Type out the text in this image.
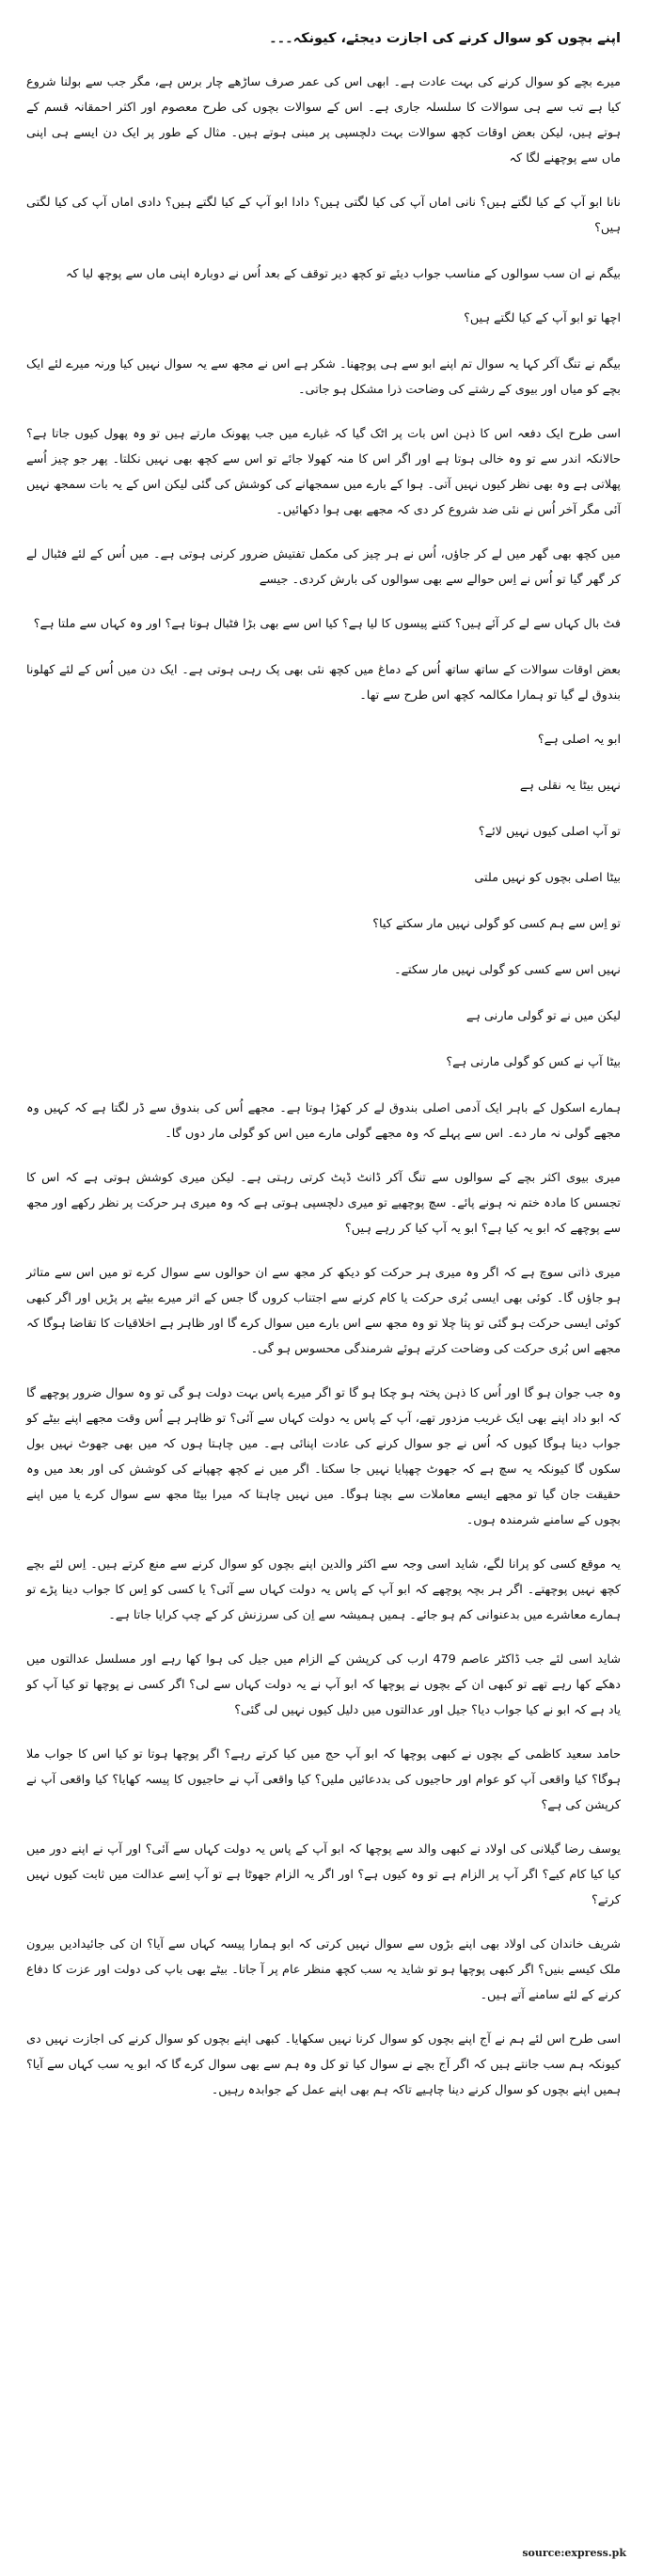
اپنے بچوں کو سوال کرنے کی اجازت دیجئے، کیونکہ۔۔۔

میرے بچے کو سوال کرنے کی بہت عادت ہے۔ ابھی اس کی عمر صرف ساڑھے چار برس ہے، مگر جب سے بولنا شروع کیا ہے تب سے ہی سوالات کا سلسلہ جاری ہے۔ اس کے سوالات بچوں کی طرح معصوم اور اکثر احمقانہ قسم کے ہوتے ہیں، لیکن بعض اوقات کچھ سوالات بہت دلچسپی پر مبنی ہوتے ہیں۔ مثال کے طور پر ایک دن ایسے ہی اپنی ماں سے پوچھنے لگا کہ

نانا ابو آپ کے کیا لگتے ہیں؟ نانی اماں آپ کی کیا لگتی ہیں؟ دادا ابو آپ کے کیا لگتے ہیں؟ دادی اماں آپ کی کیا لگتی ہیں؟

بیگم نے ان سب سوالوں کے مناسب جواب دیئے تو کچھ دیر توقف کے بعد اُس نے دوبارہ اپنی ماں سے پوچھ لیا کہ

اچھا تو ابو آپ کے کیا لگتے ہیں؟

بیگم نے تنگ آکر کہا یہ سوال تم اپنے ابو سے ہی پوچھنا۔ شکر ہے اس نے مجھ سے یہ سوال نہیں کیا ورنہ میرے لئے ایک بچے کو میاں اور بیوی کے رشتے کی وضاحت ذرا مشکل ہو جاتی۔

اسی طرح ایک دفعہ اس کا ذہن اس بات پر اٹک گیا کہ غبارے میں جب پھونک مارتے ہیں تو وہ پھول کیوں جاتا ہے؟ حالانکہ اندر سے تو وہ خالی ہوتا ہے اور اگر اس کا منہ کھولا جائے تو اس سے کچھ بھی نہیں نکلتا۔ پھر جو چیز اُسے پھلاتی ہے وہ بھی نظر کیوں نہیں آتی۔ ہوا کے بارے میں سمجھانے کی کوشش کی گئی لیکن اس کے یہ بات سمجھ نہیں آئی مگر آخر اُس نے نئی ضد شروع کر دی کہ مجھے بھی ہوا دکھائیں۔

میں کچھ بھی گھر میں لے کر جاؤں، اُس نے ہر چیز کی مکمل تفتیش ضرور کرنی ہوتی ہے۔ میں اُس کے لئے فٹبال لے کر گھر گیا تو اُس نے اِس حوالے سے بھی سوالوں کی بارش کردی۔ جیسے

فٹ بال کہاں سے لے کر آئے ہیں؟ کتنے پیسوں کا لیا ہے؟ کیا اس سے بھی بڑا فٹبال ہوتا ہے؟ اور وہ کہاں سے ملتا ہے؟

بعض اوقات سوالات کے ساتھ ساتھ اُس کے دماغ میں کچھ نئی بھی پک رہی ہوتی ہے۔ ایک دن میں اُس کے لئے کھلونا بندوق لے گیا تو ہمارا مکالمہ کچھ اس طرح سے تھا۔

ابو یہ اصلی ہے؟

نہیں بیٹا یہ نقلی ہے

تو آپ اصلی کیوں نہیں لائے؟

بیٹا اصلی بچوں کو نہیں ملتی

تو اِس سے ہم کسی کو گولی نہیں مار سکتے کیا؟

نہیں اس سے کسی کو گولی نہیں مار سکتے۔

لیکن میں نے تو گولی مارنی ہے

بیٹا آپ نے کس کو گولی مارنی ہے؟

ہمارے اسکول کے باہر ایک آدمی اصلی بندوق لے کر کھڑا ہوتا ہے۔ مجھے اُس کی بندوق سے ڈر لگتا ہے کہ کہیں وہ مجھے گولی نہ مار دے۔ اس سے پہلے کہ وہ مجھے گولی مارے میں اس کو گولی مار دوں گا۔

میری بیوی اکثر بچے کے سوالوں سے تنگ آکر ڈانٹ ڈپٹ کرتی رہتی ہے۔ لیکن میری کوشش ہوتی ہے کہ اس کا تجسس کا مادہ ختم نہ ہونے پائے۔ سچ پوچھیے تو میری دلچسپی ہوتی ہے کہ وہ میری ہر حرکت پر نظر رکھے اور مجھ سے پوچھے کہ ابو یہ کیا ہے؟ ابو یہ آپ کیا کر رہے ہیں؟

میری ذاتی سوچ ہے کہ اگر وہ میری ہر حرکت کو دیکھ کر مجھ سے ان حوالوں سے سوال کرے تو میں اس سے متاثر ہو جاؤں گا۔ کوئی بھی ایسی بُری حرکت یا کام کرنے سے اجتناب کروں گا جس کے اثر میرے بیٹے پر پڑیں اور اگر کبھی کوئی ایسی حرکت ہو گئی تو پتا چلا تو وہ مجھ سے اس بارے میں سوال کرے گا اور ظاہر ہے اخلاقیات کا تقاضا ہوگا کہ مجھے اس بُری حرکت کی وضاحت کرتے ہوئے شرمندگی محسوس ہو گی۔

وہ جب جوان ہو گا اور اُس کا ذہن پختہ ہو چکا ہو گا تو اگر میرے پاس بہت دولت ہو گی تو وہ سوال ضرور پوچھے گا کہ ابو داد اپنے بھی ایک غریب مزدور تھے، آپ کے پاس یہ دولت کہاں سے آئی؟ تو ظاہر ہے اُس وقت مجھے اپنے بیٹے کو جواب دینا ہوگا کیوں کہ اُس نے جو سوال کرنے کی عادت اپنائی ہے۔ میں چاہتا ہوں کہ میں بھی جھوٹ نہیں بول سکوں گا کیونکہ یہ سچ ہے کہ جھوٹ چھپایا نہیں جا سکتا۔ اگر میں نے کچھ چھپانے کی کوشش کی اور بعد میں وہ حقیقت جان گیا تو مجھے ایسے معاملات سے بچنا ہوگا۔ میں نہیں چاہتا کہ میرا بیٹا مجھ سے سوال کرے یا میں اپنے بچوں کے سامنے شرمندہ ہوں۔

یہ موقع کسی کو پرانا لگے، شاید اسی وجہ سے اکثر والدین اپنے بچوں کو سوال کرنے سے منع کرتے ہیں۔ اِس لئے بچے کچھ نہیں پوچھتے۔ اگر ہر بچہ پوچھے کہ ابو آپ کے پاس یہ دولت کہاں سے آئی؟ یا کسی کو اِس کا جواب دینا پڑے تو ہمارے معاشرے میں بدعنوانی کم ہو جائے۔ ہمیں ہمیشہ سے اِن کی سرزنش کر کے چپ کرایا جاتا ہے۔

شاید اسی لئے جب ڈاکٹر عاصم 479 ارب کی کرپشن کے الزام میں جیل کی ہوا کھا رہے اور مسلسل عدالتوں میں دھکے کھا رہے تھے تو کبھی ان کے بچوں نے پوچھا کہ ابو آپ نے یہ دولت کہاں سے لی؟ اگر کسی نے پوچھا تو کیا آپ کو یاد ہے کہ ابو نے کیا جواب دیا؟ جیل اور عدالتوں میں دلیل کیوں نہیں لی گئی؟

حامد سعید کاظمی کے بچوں نے کبھی پوچھا کہ ابو آپ حج میں کیا کرتے رہے؟ اگر پوچھا ہوتا تو کیا اس کا جواب ملا ہوگا؟ کیا واقعی آپ کو عوام اور حاجیوں کی بددعائیں ملیں؟ کیا واقعی آپ نے حاجیوں کا پیسہ کھایا؟ کیا واقعی آپ نے کرپشن کی ہے؟

یوسف رضا گیلانی کی اولاد نے کبھی والد سے پوچھا کہ ابو آپ کے پاس یہ دولت کہاں سے آئی؟ اور آپ نے اپنے دور میں کیا کیا کام کیے؟ اگر آپ پر الزام ہے تو وہ کیوں ہے؟ اور اگر یہ الزام جھوٹا ہے تو آپ اِسے عدالت میں ثابت کیوں نہیں کرتے؟

شریف خاندان کی اولاد بھی اپنے بڑوں سے سوال نہیں کرتی کہ ابو ہمارا پیسہ کہاں سے آیا؟ ان کی جائیدادیں بیرون ملک کیسے بنیں؟ اگر کبھی پوچھا ہو تو شاید یہ سب کچھ منظر عام پر آ جاتا۔ بیٹے بھی باپ کی دولت اور عزت کا دفاع کرنے کے لئے سامنے آتے ہیں۔

اسی طرح اس لئے ہم نے آج اپنے بچوں کو سوال کرنا نہیں سکھایا۔ کبھی اپنے بچوں کو سوال کرنے کی اجازت نہیں دی کیونکہ ہم سب جانتے ہیں کہ اگر آج بچے نے سوال کیا تو کل وہ ہم سے بھی سوال کرے گا کہ ابو یہ سب کہاں سے آیا؟ ہمیں اپنے بچوں کو سوال کرنے دینا چاہیے تاکہ ہم بھی اپنے عمل کے جوابدہ رہیں۔

source:express.pk
